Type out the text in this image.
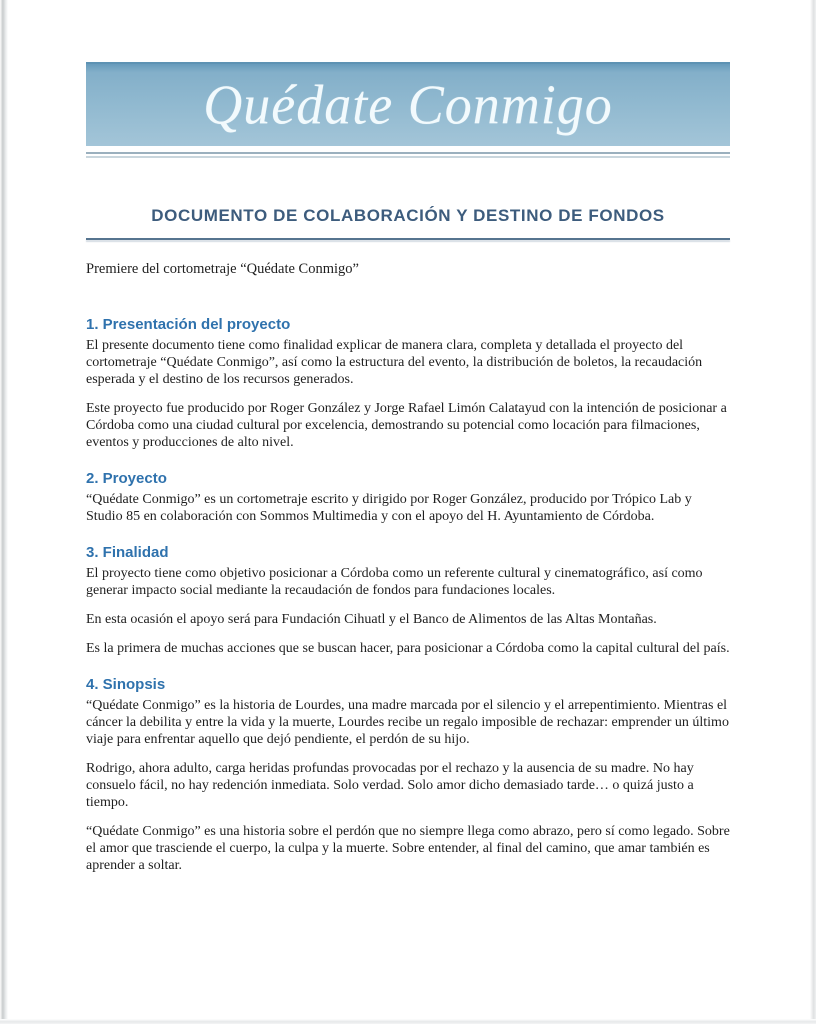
Quédate Conmigo
DOCUMENTO DE COLABORACIÓN Y DESTINO DE FONDOS

Premiere del cortometraje “Quédate Conmigo”

1. Presentación del proyecto

El presente documento tiene como finalidad explicar de manera clara, completa y detallada el proyecto del cortometraje “Quédate Conmigo”, así como la estructura del evento, la distribución de boletos, la recaudación esperada y el destino de los recursos generados.

Este proyecto fue producido por Roger González y Jorge Rafael Limón Calatayud con la intención de posicionar a Córdoba como una ciudad cultural por excelencia, demostrando su potencial como locación para filmaciones, eventos y producciones de alto nivel.

2. Proyecto

“Quédate Conmigo” es un cortometraje escrito y dirigido por Roger González, producido por Trópico Lab y Studio 85 en colaboración con Sommos Multimedia y con el apoyo del H. Ayuntamiento de Córdoba.

3. Finalidad

El proyecto tiene como objetivo posicionar a Córdoba como un referente cultural y cinematográfico, así como generar impacto social mediante la recaudación de fondos para fundaciones locales.

En esta ocasión el apoyo será para Fundación Cihuatl y el Banco de Alimentos de las Altas Montañas.

Es la primera de muchas acciones que se buscan hacer, para posicionar a Córdoba como la capital cultural del país.

4. Sinopsis

“Quédate Conmigo” es la historia de Lourdes, una madre marcada por el silencio y el arrepentimiento. Mientras el cáncer la debilita y entre la vida y la muerte, Lourdes recibe un regalo imposible de rechazar: emprender un último viaje para enfrentar aquello que dejó pendiente, el perdón de su hijo.

Rodrigo, ahora adulto, carga heridas profundas provocadas por el rechazo y la ausencia de su madre. No hay consuelo fácil, no hay redención inmediata. Solo verdad. Solo amor dicho demasiado tarde… o quizá justo a tiempo.

“Quédate Conmigo” es una historia sobre el perdón que no siempre llega como abrazo, pero sí como legado. Sobre el amor que trasciende el cuerpo, la culpa y la muerte. Sobre entender, al final del camino, que amar también es aprender a soltar.
